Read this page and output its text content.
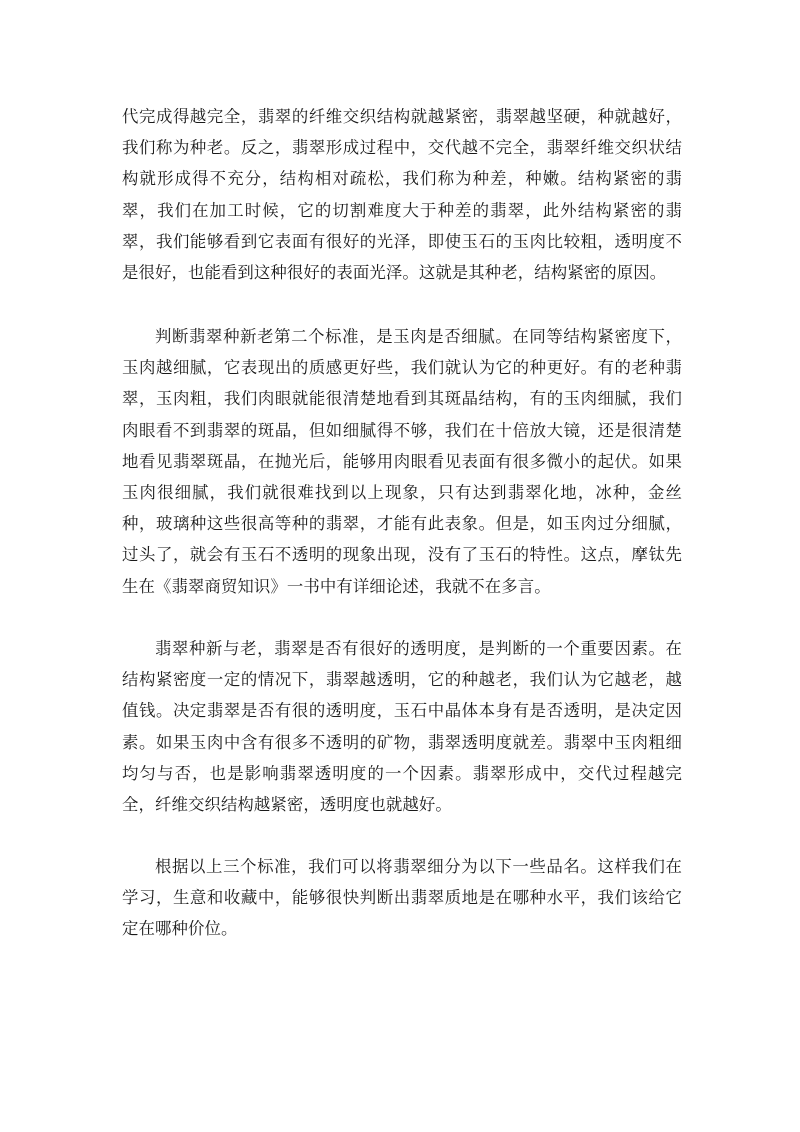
代完成得越完全，翡翠的纤维交织结构就越紧密，翡翠越坚硬，种就越好，我们称为种老。反之，翡翠形成过程中，交代越不完全，翡翠纤维交织状结构就形成得不充分，结构相对疏松，我们称为种差，种嫩。结构紧密的翡翠，我们在加工时候，它的切割难度大于种差的翡翠，此外结构紧密的翡翠，我们能够看到它表面有很好的光泽，即使玉石的玉肉比较粗，透明度不是很好，也能看到这种很好的表面光泽。这就是其种老，结构紧密的原因。

判断翡翠种新老第二个标准，是玉肉是否细腻。在同等结构紧密度下，玉肉越细腻，它表现出的质感更好些，我们就认为它的种更好。有的老种翡翠，玉肉粗，我们肉眼就能很清楚地看到其斑晶结构，有的玉肉细腻，我们肉眼看不到翡翠的斑晶，但如细腻得不够，我们在十倍放大镜，还是很清楚地看见翡翠斑晶，在抛光后，能够用肉眼看见表面有很多微小的起伏。如果玉肉很细腻，我们就很难找到以上现象，只有达到翡翠化地，冰种，金丝种，玻璃种这些很高等种的翡翠，才能有此表象。但是，如玉肉过分细腻，过头了，就会有玉石不透明的现象出现，没有了玉石的特性。这点，摩钛先生在《翡翠商贸知识》一书中有详细论述，我就不在多言。

翡翠种新与老，翡翠是否有很好的透明度，是判断的一个重要因素。在结构紧密度一定的情况下，翡翠越透明，它的种越老，我们认为它越老，越值钱。决定翡翠是否有很的透明度，玉石中晶体本身有是否透明，是决定因素。如果玉肉中含有很多不透明的矿物，翡翠透明度就差。翡翠中玉肉粗细均匀与否，也是影响翡翠透明度的一个因素。翡翠形成中，交代过程越完全，纤维交织结构越紧密，透明度也就越好。

根据以上三个标准，我们可以将翡翠细分为以下一些品名。这样我们在学习，生意和收藏中，能够很快判断出翡翠质地是在哪种水平，我们该给它定在哪种价位。
